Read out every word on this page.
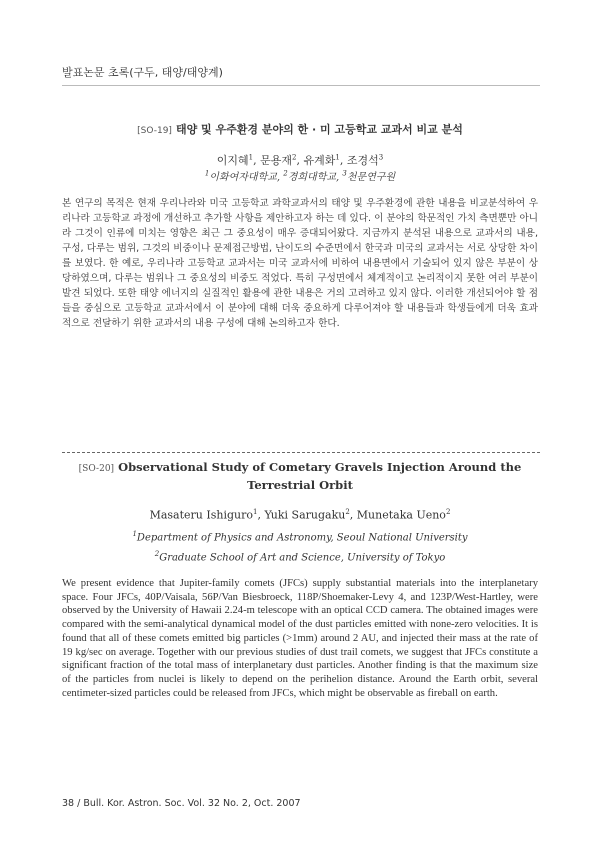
발표논문 초록(구두, 태양/태양계)
[SO-19] 태양 및 우주환경 분야의 한 · 미 고등학교 교과서 비교 분석
이지혜$^1$, 문용재$^2$, 유계화$^1$, 조경석$^3$
$^1$이화여자대학교, $^2$경희대학교, $^3$천문연구원
본 연구의 목적은 현재 우리나라와 미국 고등학교 과학교과서의 태양 및 우주환경에 관한 내용을 비교분석하여 우리나라 고등학교 과정에 개선하고 추가할 사항을 제안하고자 하는 데 있다. 이 분야의 학문적인 가치 측면뿐만 아니라 그것이 인류에 미치는 영향은 최근 그 중요성이 매우 증대되어왔다. 지금까지 분석된 내용으로 교과서의 내용, 구성, 다루는 범위, 그것의 비중이나 문제접근방법, 난이도의 수준면에서 한국과 미국의 교과서는 서로 상당한 차이를 보였다. 한 예로, 우리나라 고등학교 교과서는 미국 교과서에 비하여 내용면에서 기술되어 있지 않은 부분이 상당하였으며, 다루는 범위나 그 중요성의 비중도 적었다. 특히 구성면에서 체계적이고 논리적이지 못한 여러 부분이 발견 되었다. 또한 태양 에너지의 실질적인 활용에 관한 내용은 거의 고려하고 있지 않다. 이러한 개선되어야 할 점들을 중심으로 고등학교 교과서에서 이 분야에 대해 더욱 중요하게 다루어져야 할 내용들과 학생들에게 더욱 효과적으로 전달하기 위한 교과서의 내용 구성에 대해 논의하고자 한다.
[SO-20] Observational Study of Cometary Gravels Injection Around the Terrestrial Orbit
Masateru Ishiguro$^1$, Yuki Sarugaku$^2$, Munetaka Ueno$^2$
$^1$Department of Physics and Astronomy, Seoul National University
$^2$Graduate School of Art and Science, University of Tokyo
We present evidence that Jupiter-family comets (JFCs) supply substantial materials into the interplanetary space. Four JFCs, 40P/Vaisala, 56P/Van Biesbroeck, 118P/Shoemaker-Levy 4, and 123P/West-Hartley, were observed by the University of Hawaii 2.24-m telescope with an optical CCD camera. The obtained images were compared with the semi-analytical dynamical model of the dust particles emitted with none-zero velocities. It is found that all of these comets emitted big particles (>1mm) around 2 AU, and injected their mass at the rate of 19 kg/sec on average. Together with our previous studies of dust trail comets, we suggest that JFCs constitute a significant fraction of the total mass of interplanetary dust particles. Another finding is that the maximum size of the particles from nuclei is likely to depend on the perihelion distance. Around the Earth orbit, several centimeter-sized particles could be released from JFCs, which might be observable as fireball on earth.
38 / Bull. Kor. Astron. Soc. Vol. 32 No. 2, Oct. 2007
